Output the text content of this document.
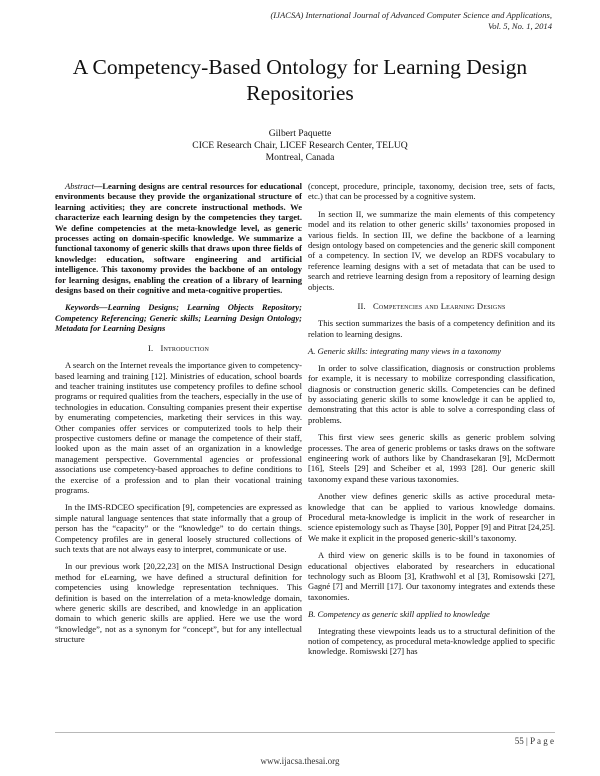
(IJACSA) International Journal of Advanced Computer Science and Applications,
Vol. 5, No. 1, 2014
A Competency-Based Ontology for Learning Design Repositories
Gilbert Paquette
CICE Research Chair, LICEF Research Center, TELUQ
Montreal, Canada

Abstract—Learning designs are central resources for educational environments because they provide the organizational structure of learning activities; they are concrete instructional methods. We characterize each learning design by the competencies they target. We define competencies at the meta-knowledge level, as generic processes acting on domain-specific knowledge. We summarize a functional taxonomy of generic skills that draws upon three fields of knowledge: education, software engineering and artificial intelligence. This taxonomy provides the backbone of an ontology for learning designs, enabling the creation of a library of learning designs based on their cognitive and meta-cognitive properties.

Keywords—Learning Designs; Learning Objects Repository; Competency Referencing; Generic skills; Learning Design Ontology; Metadata for Learning Designs

I. Introduction

A search on the Internet reveals the importance given to competency-based learning and training [12]. Ministries of education, school boards and teacher training institutes use competency profiles to define school programs or required qualities from the teachers, especially in the use of technologies in education. Consulting companies present their expertise by enumerating competencies, marketing their services in this way. Other companies offer services or computerized tools to help their prospective customers define or manage the competence of their staff, looked upon as the main asset of an organization in a knowledge management perspective. Governmental agencies or professional associations use competency-based approaches to define conditions to the exercise of a profession and to plan their vocational training programs.

In the IMS-RDCEO specification [9], competencies are expressed as simple natural language sentences that state informally that a group of person has the “capacity” or the “knowledge” to do certain things. Competency profiles are in general loosely structured collections of such texts that are not always easy to interpret, communicate or use.

In our previous work [20,22,23] on the MISA Instructional Design method for eLearning, we have defined a structural definition for competencies using knowledge representation techniques. This definition is based on the interrelation of a meta-knowledge domain, where generic skills are described, and knowledge in an application domain to which generic skills are applied. Here we use the word “knowledge”, not as a synonym for “concept”, but for any intellectual structure

(concept, procedure, principle, taxonomy, decision tree, sets of facts, etc.) that can be processed by a cognitive system.

In section II, we summarize the main elements of this competency model and its relation to other generic skills’ taxonomies proposed in various fields. In section III, we define the backbone of a learning design ontology based on competencies and the generic skill component of a competency. In section IV, we develop an RDFS vocabulary to reference learning designs with a set of metadata that can be used to search and retrieve learning design from a repository of learning design objects.

II. Competencies and Learning Designs

This section summarizes the basis of a competency definition and its relation to learning designs.

A. Generic skills: integrating many views in a taxonomy

In order to solve classification, diagnosis or construction problems for example, it is necessary to mobilize corresponding classification, diagnosis or construction generic skills. Competencies can be defined by associating generic skills to some knowledge it can be applied to, demonstrating that this actor is able to solve a corresponding class of problems.

This first view sees generic skills as generic problem solving processes. The area of generic problems or tasks draws on the software engineering work of authors like by Chandrasekaran [9], McDermott [16], Steels [29] and Scheiber et al, 1993 [28]. Our generic skill taxonomy expand these various taxonomies.

Another view defines generic skills as active procedural meta-knowledge that can be applied to various knowledge domains. Procedural meta-knowledge is implicit in the work of researcher in science epistemology such as Thayse [30], Popper [9] and Pitrat [24,25]. We make it explicit in the proposed generic-skill’s taxonomy.

A third view on generic skills is to be found in taxonomies of educational objectives elaborated by researchers in educational technology such as Bloom [3], Krathwohl et al [3], Romisowski [27], Gagné [7] and Merrill [17]. Our taxonomy integrates and extends these taxonomies.

B. Competency as generic skill applied to knowledge

Integrating these viewpoints leads us to a structural definition of the notion of competency, as procedural meta-knowledge applied to specific knowledge. Romiswski [27] has

55 | P a g e
www.ijacsa.thesai.org
